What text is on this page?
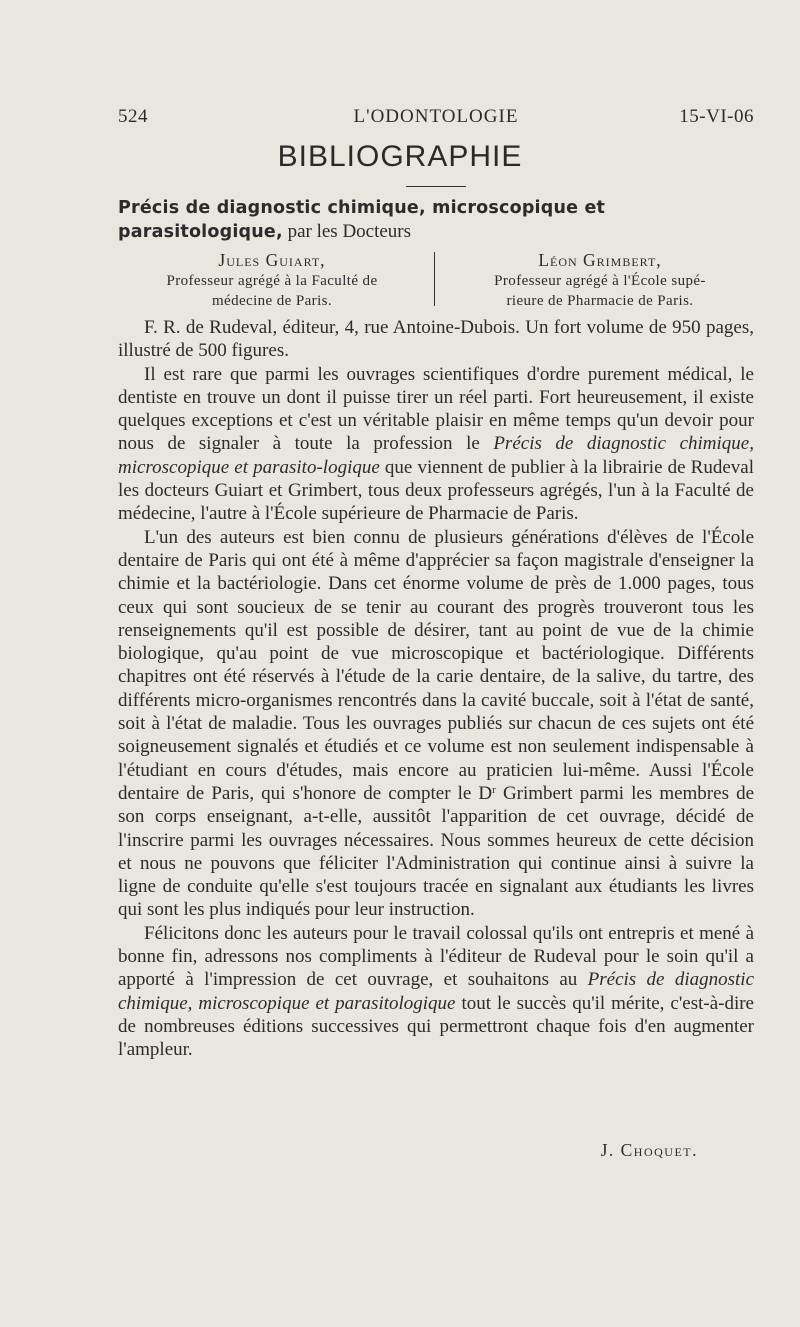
524	L'ODONTOLOGIE	15-VI-06
BIBLIOGRAPHIE
Précis de diagnostic chimique, microscopique et parasitologique, par les Docteurs
Jules Guiart,
Professeur agrégé à la Faculté de
médecine de Paris.
Léon Grimbert,
Professeur agrégé à l'École supé-
rieure de Pharmacie de Paris.

F. R. de Rudeval, éditeur, 4, rue Antoine-Dubois. Un fort volume de 950 pages, illustré de 500 figures.

Il est rare que parmi les ouvrages scientifiques d'ordre purement médical, le dentiste en trouve un dont il puisse tirer un réel parti. Fort heureusement, il existe quelques exceptions et c'est un véritable plaisir en même temps qu'un devoir pour nous de signaler à toute la profession le Précis de diagnostic chimique, microscopique et parasito-logique que viennent de publier à la librairie de Rudeval les docteurs Guiart et Grimbert, tous deux professeurs agrégés, l'un à la Faculté de médecine, l'autre à l'École supérieure de Pharmacie de Paris.

L'un des auteurs est bien connu de plusieurs générations d'élèves de l'École dentaire de Paris qui ont été à même d'apprécier sa façon magistrale d'enseigner la chimie et la bactériologie. Dans cet énorme volume de près de 1.000 pages, tous ceux qui sont soucieux de se tenir au courant des progrès trouveront tous les renseignements qu'il est possible de désirer, tant au point de vue de la chimie biologique, qu'au point de vue microscopique et bactériologique. Différents chapitres ont été réservés à l'étude de la carie dentaire, de la salive, du tartre, des différents micro-organismes rencontrés dans la cavité buccale, soit à l'état de santé, soit à l'état de maladie. Tous les ouvrages publiés sur chacun de ces sujets ont été soigneusement signalés et étudiés et ce volume est non seulement indispensable à l'étudiant en cours d'études, mais encore au praticien lui-même. Aussi l'École dentaire de Paris, qui s'honore de compter le $D^r$ Grimbert parmi les membres de son corps enseignant, a-t-elle, aussitôt l'apparition de cet ouvrage, décidé de l'inscrire parmi les ouvrages nécessaires. Nous sommes heureux de cette décision et nous ne pouvons que féliciter l'Administration qui continue ainsi à suivre la ligne de conduite qu'elle s'est toujours tracée en signalant aux étudiants les livres qui sont les plus indiqués pour leur instruction.

Félicitons donc les auteurs pour le travail colossal qu'ils ont entrepris et mené à bonne fin, adressons nos compliments à l'éditeur de Rudeval pour le soin qu'il a apporté à l'impression de cet ouvrage, et souhaitons au Précis de diagnostic chimique, microscopique et parasitologique tout le succès qu'il mérite, c'est-à-dire de nombreuses éditions successives qui permettront chaque fois d'en augmenter l'ampleur.

J. Choquet.
